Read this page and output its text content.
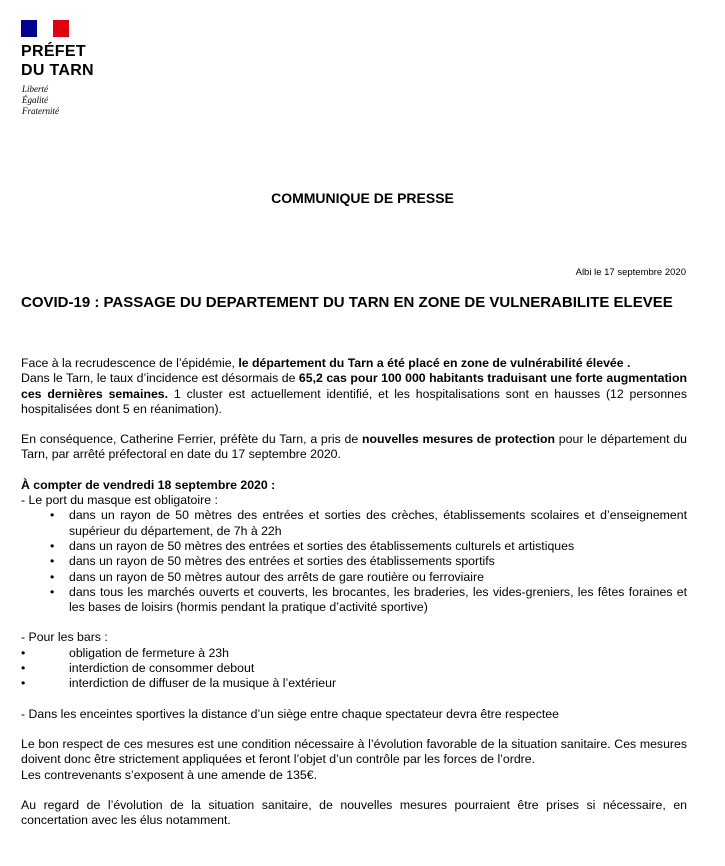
PRÉFET
DU TARN
Liberté
Égalité
Fraternité
COMMUNIQUE DE PRESSE
Albi le 17 septembre 2020
COVID-19 : PASSAGE DU DEPARTEMENT DU TARN EN ZONE DE VULNERABILITE ELEVEE

Face à la recrudescence de l’épidémie, le département du Tarn a été placé en zone de vulnérabilité élevée .

Dans le Tarn, le taux d’incidence est désormais de 65,2 cas pour 100 000 habitants traduisant une forte augmentation ces dernières semaines. 1 cluster est actuellement identifié, et les hospitalisations sont en hausses (12 personnes hospitalisées dont 5 en réanimation).

En conséquence, Catherine Ferrier, préfète du Tarn, a pris de nouvelles mesures de protection pour le département du Tarn, par arrêté préfectoral en date du 17 septembre 2020.

À compter de vendredi 18 septembre 2020 :

- Le port du masque est obligatoire :

• dans un rayon de 50 mètres des entrées et sorties des crèches, établissements scolaires et d’enseignement supérieur du département, de 7h à 22h
• dans un rayon de 50 mètres des entrées et sorties des établissements culturels et artistiques
• dans un rayon de 50 mètres des entrées et sorties des établissements sportifs
• dans un rayon de 50 mètres autour des arrêts de gare routière ou ferroviaire
• dans tous les marchés ouverts et couverts, les brocantes, les braderies, les vides-greniers, les fêtes foraines et les bases de loisirs (hormis pendant la pratique d’activité sportive)

- Pour les bars :

•	obligation de fermeture à 23h
•	interdiction de consommer debout
•	interdiction de diffuser de la musique à l’extérieur

- Dans les enceintes sportives la distance d’un siège entre chaque spectateur devra être respectee

Le bon respect de ces mesures est une condition nécessaire à l’évolution favorable de la situation sanitaire. Ces mesures doivent donc être strictement appliquées et feront l’objet d’un contrôle par les forces de l’ordre.

Les contrevenants s’exposent à une amende de 135€.

Au regard de l’évolution de la situation sanitaire, de nouvelles mesures pourraient être prises si nécessaire, en concertation avec les élus notamment.
